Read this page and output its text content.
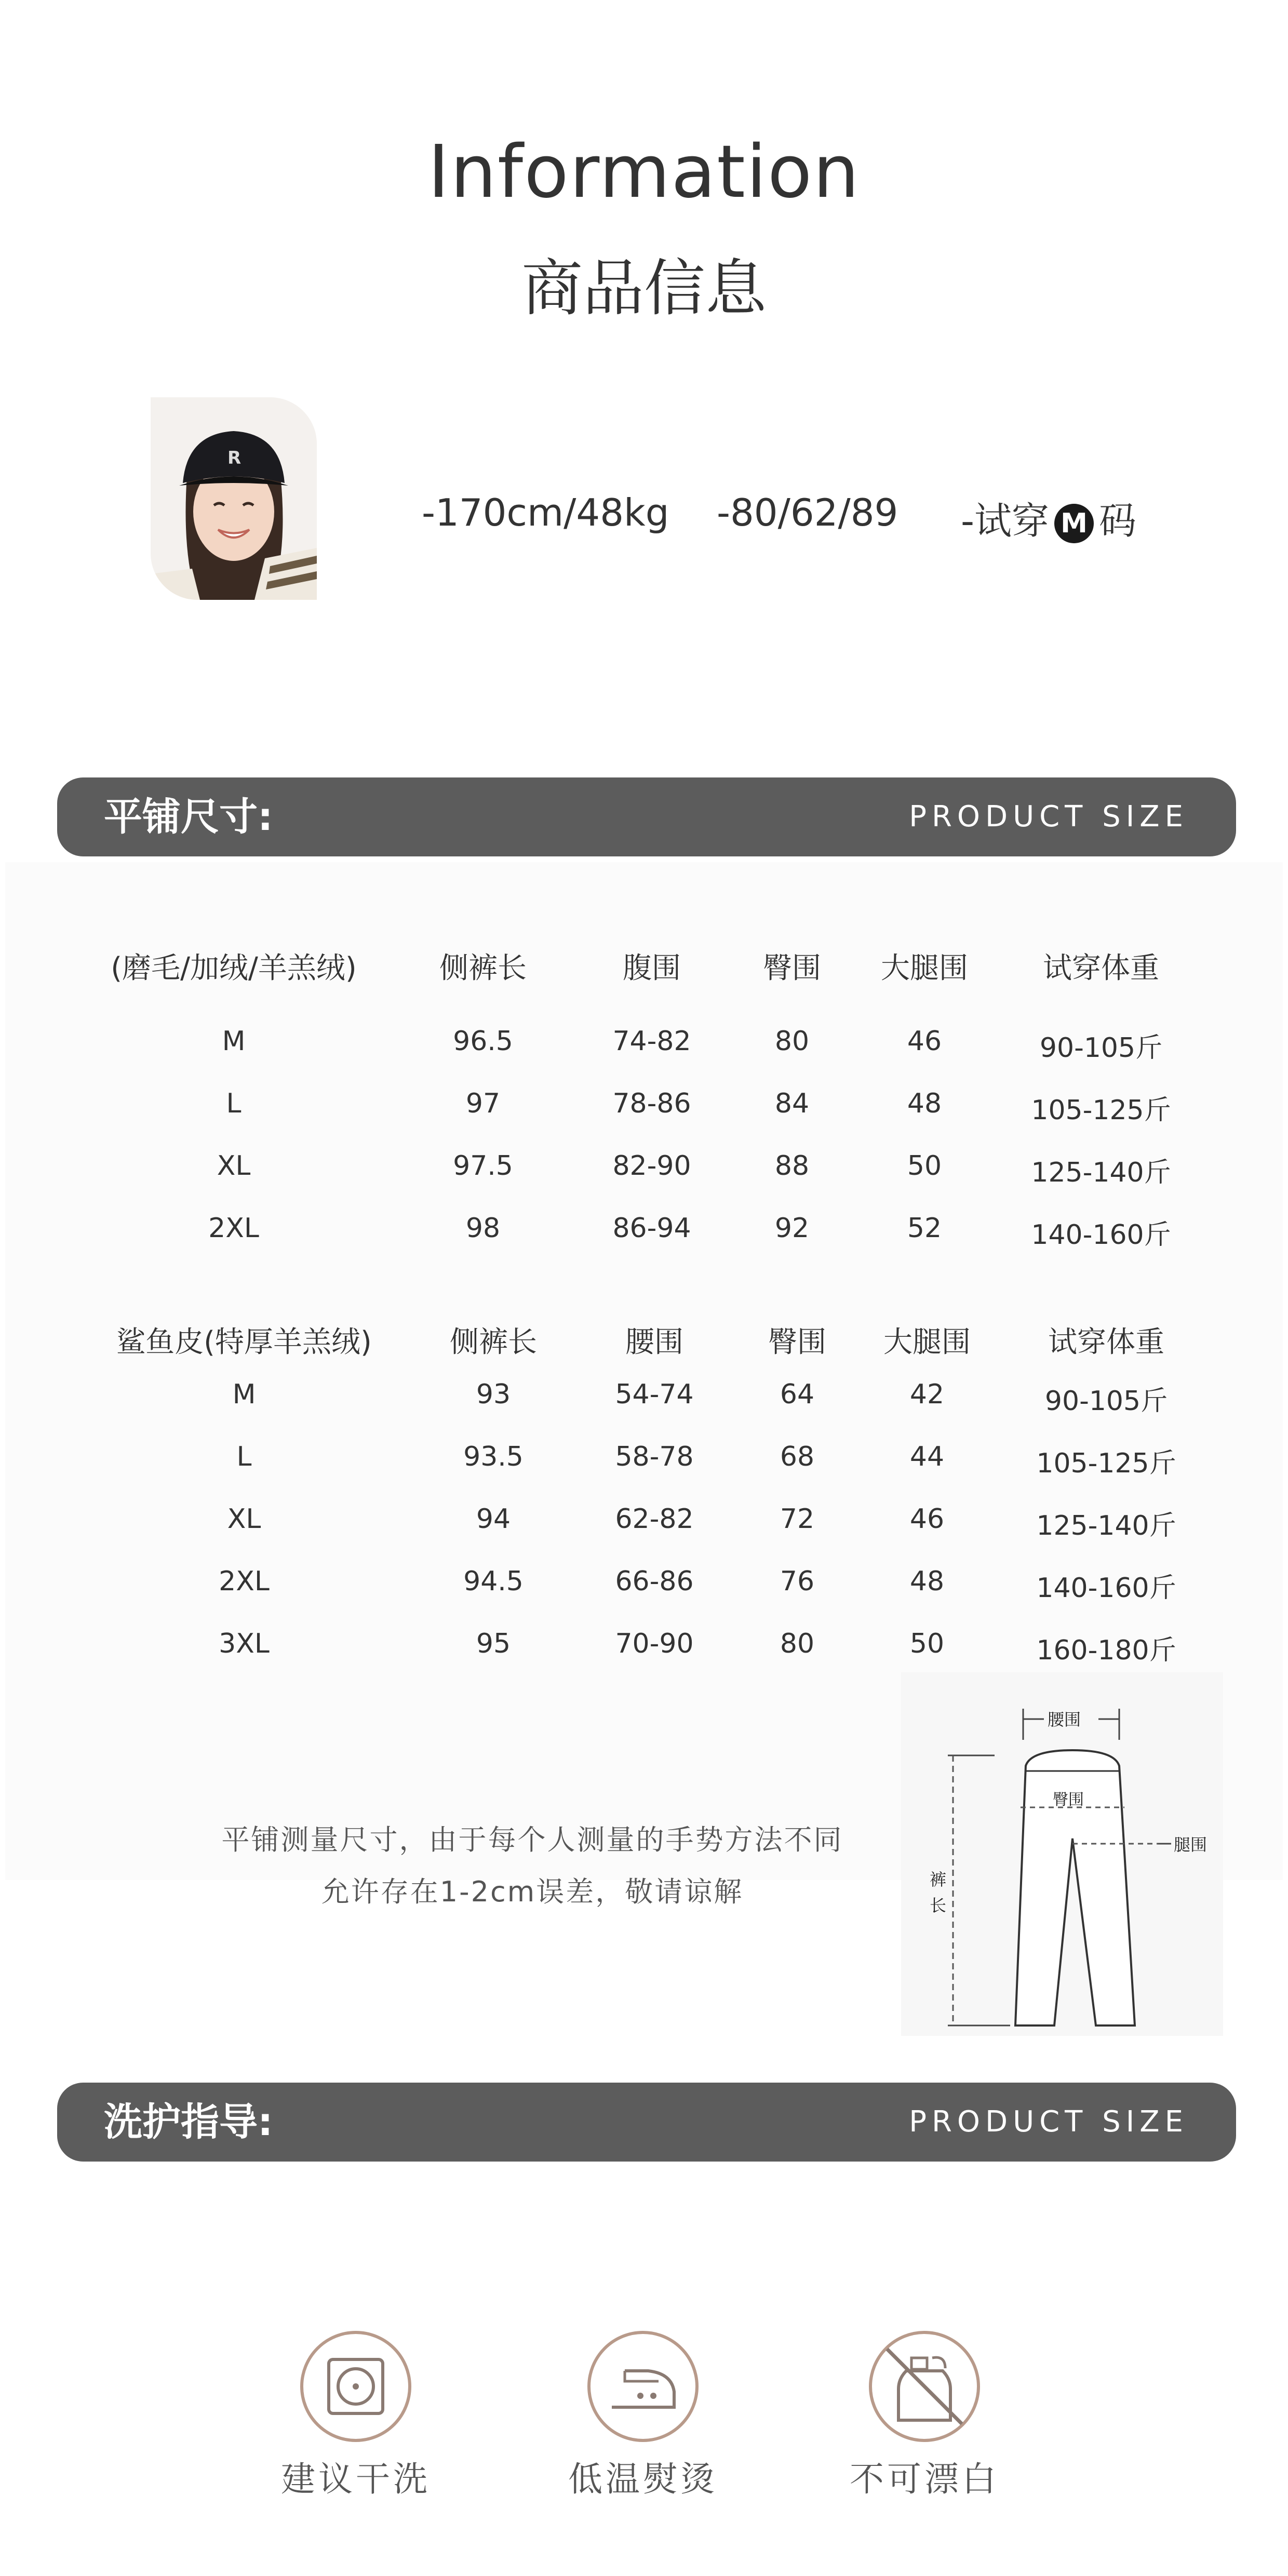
Information
商品信息
R
-170cm/48kg -80/62/89 -试穿 M 码
平铺尺寸:	PRODUCT SIZE
(磨毛/加绒/羊羔绒)	侧裤长	腹围	臀围 大腿围	试穿体重
M	96.5	74-82	80	46	90-105斤
L	97	78-86	84	48	105-125斤
XL	97.5	82-90	88	50	125-140斤
2XL	98	86-94	92	52	140-160斤
鲨鱼皮(特厚羊羔绒)	侧裤长	腰围	臀围 大腿围	试穿体重
M	93	54-74	64	42	90-105斤
L	93.5	58-78	68	44	105-125斤
XL	94	62-82	72	46	125-140斤
2XL	94.5	66-86	76	48	140-160斤
3XL	95	70-90	80	50	160-180斤
平铺测量尺寸，由于每个人测量的手势方法不同
允许存在1-2cm误差，敬请谅解
腰围
臀围
腿围
裤
长
洗护指导:	PRODUCT SIZE
建议干洗	低温熨烫	不可漂白
